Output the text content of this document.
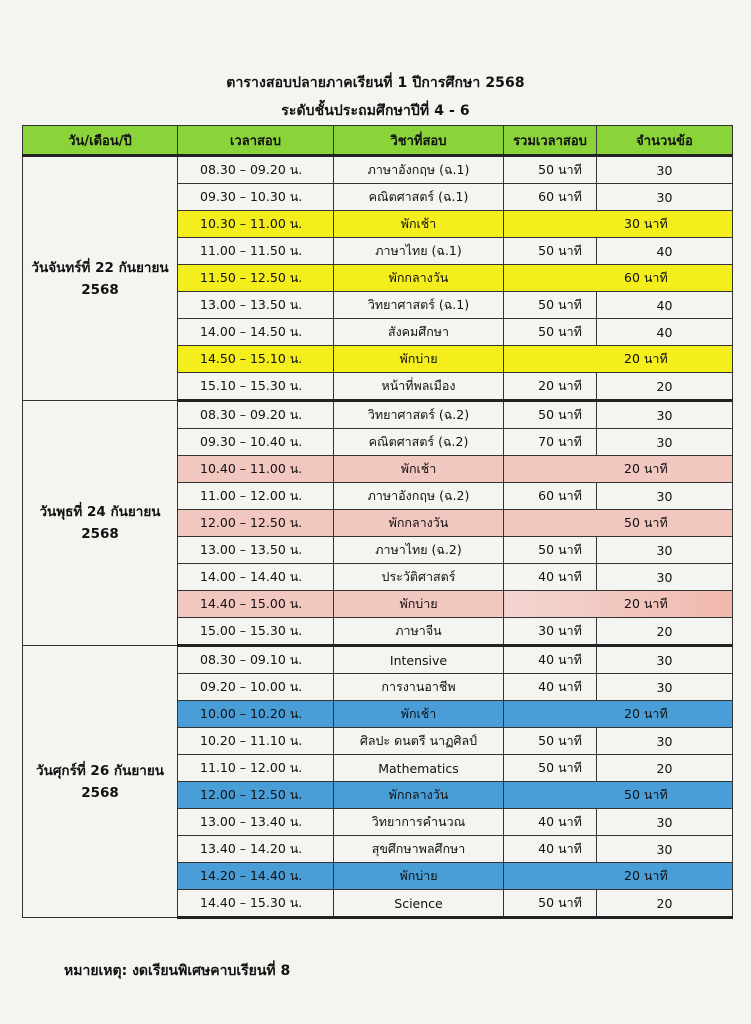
ตารางสอบปลายภาคเรียนที่ 1 ปีการศึกษา 2568
ระดับชั้นประถมศึกษาปีที่ 4 - 6
วัน/เดือน/ปี	เวลาสอบ	วิชาที่สอบ	รวมเวลาสอบ	จำนวนข้อ
วันจันทร์ที่ 22 กันยายน 2568	08.30 – 09.20 น.	ภาษาอังกฤษ (ฉ.1)	50 นาที	30
	09.30 – 10.30 น.	คณิตศาสตร์ (ฉ.1)	60 นาที	30
	10.30 – 11.00 น.	พักเช้า	30 นาที	
	11.00 – 11.50 น.	ภาษาไทย (ฉ.1)	50 นาที	40
	11.50 – 12.50 น.	พักกลางวัน	60 นาที	
	13.00 – 13.50 น.	วิทยาศาสตร์ (ฉ.1)	50 นาที	40
	14.00 – 14.50 น.	สังคมศึกษา	50 นาที	40
	14.50 – 15.10 น.	พักบ่าย	20 นาที	
	15.10 – 15.30 น.	หน้าที่พลเมือง	20 นาที	20
วันพุธที่ 24 กันยายน 2568	08.30 – 09.20 น.	วิทยาศาสตร์ (ฉ.2)	50 นาที	30
	09.30 – 10.40 น.	คณิตศาสตร์ (ฉ.2)	70 นาที	30
	10.40 – 11.00 น.	พักเช้า	20 นาที	
	11.00 – 12.00 น.	ภาษาอังกฤษ (ฉ.2)	60 นาที	30
	12.00 – 12.50 น.	พักกลางวัน	50 นาที	
	13.00 – 13.50 น.	ภาษาไทย (ฉ.2)	50 นาที	30
	14.00 – 14.40 น.	ประวัติศาสตร์	40 นาที	30
	14.40 – 15.00 น.	พักบ่าย	20 นาที	
	15.00 – 15.30 น.	ภาษาจีน	30 นาที	20
วันศุกร์ที่ 26 กันยายน 2568	08.30 – 09.10 น.	Intensive	40 นาที	30
	09.20 – 10.00 น.	การงานอาชีพ	40 นาที	30
	10.00 – 10.20 น.	พักเช้า	20 นาที	
	10.20 – 11.10 น.	ศิลปะ ดนตรี นาฏศิลป์	50 นาที	30
	11.10 – 12.00 น.	Mathematics	50 นาที	20
	12.00 – 12.50 น.	พักกลางวัน	50 นาที	
	13.00 – 13.40 น.	วิทยาการคำนวณ	40 นาที	30
	13.40 – 14.20 น.	สุขศึกษาพลศึกษา	40 นาที	30
	14.20 – 14.40 น.	พักบ่าย	20 นาที	
	14.40 – 15.30 น.	Science	50 นาที	20
หมายเหตุ: งดเรียนพิเศษคาบเรียนที่ 8
